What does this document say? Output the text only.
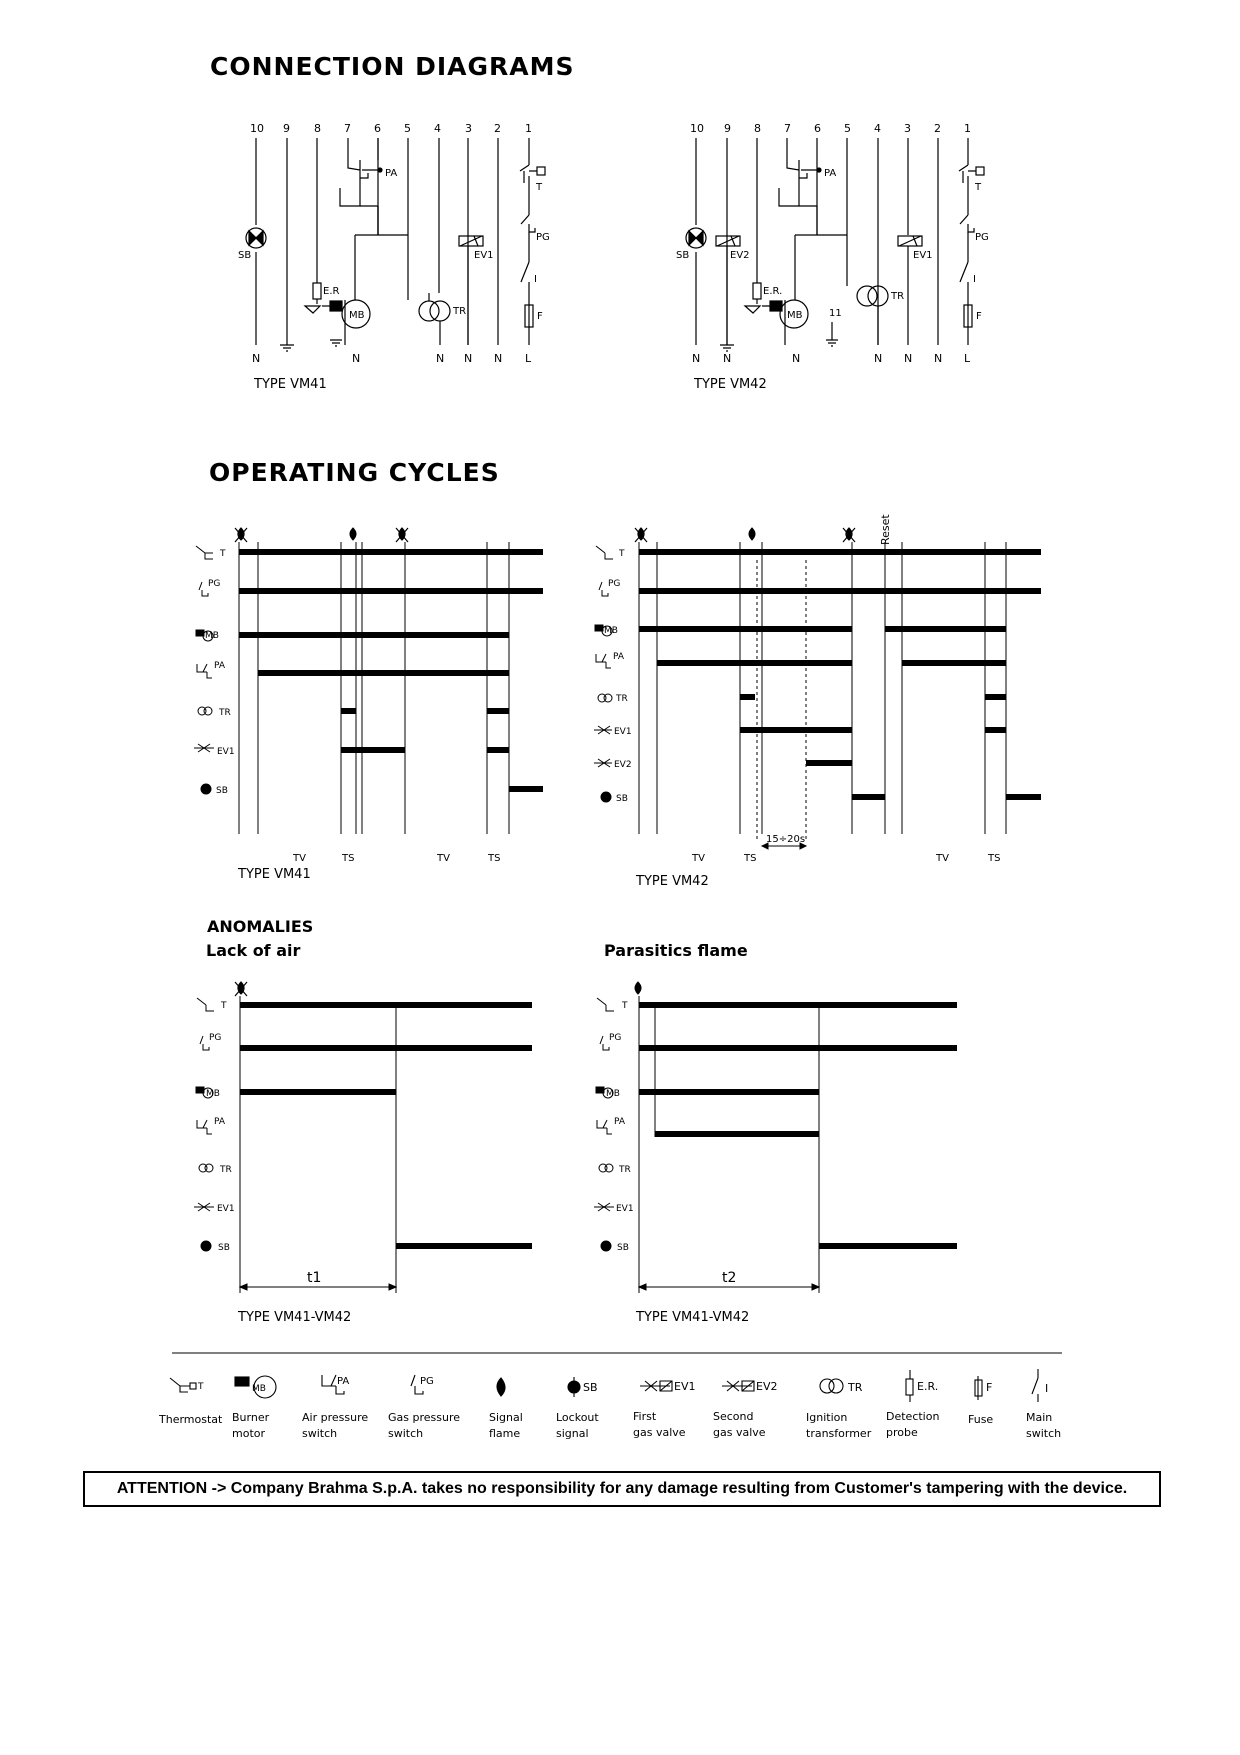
CONNECTION DIAGRAMS
OPERATING CYCLES
ANOMALIES
Lack of air	Parasitics flame
10 9 8 7 6 5 4 3 2 1
SB
E.R
MB
PA
TR
EV1
T
PG
I
F
N	N	N N N L
TYPE VM41
10 9 8 7 6 5 4 3 2 1
SB	EV2
E.R.
MB
PA
TR
EV1
T
PG
I
F
11
N N	N	N N N L
TYPE VM42
T
PG
MB
PA
TR
EV1
SB
TV	TS	TV	TS
TYPE VM41
Reset
T
PG
MB
PA
TR
EV1
EV2
SB
15÷20s
TV	TS	TV	TS
TYPE VM42
T
PG
MB
PA
TR
EV1
SB
t1
TYPE VM41-VM42
T
PG
MB
PA
TR
EV1
SB
t2
TYPE VM41-VM42
MB
PA	PG	SB	EV1	EV2	TR	E.R.	F	I
T
Thermostat Burner
motor
Air pressure
switch
Gas pressure
switch
Signal
flame
Lockout
signal
First
gas valve
Second
gas valve
Ignition
transformer
Detection
probe
Fuse	Main
switch
ATTENTION -> Company Brahma S.p.A. takes no responsibility for any damage resulting from Customer's tampering with the device.
